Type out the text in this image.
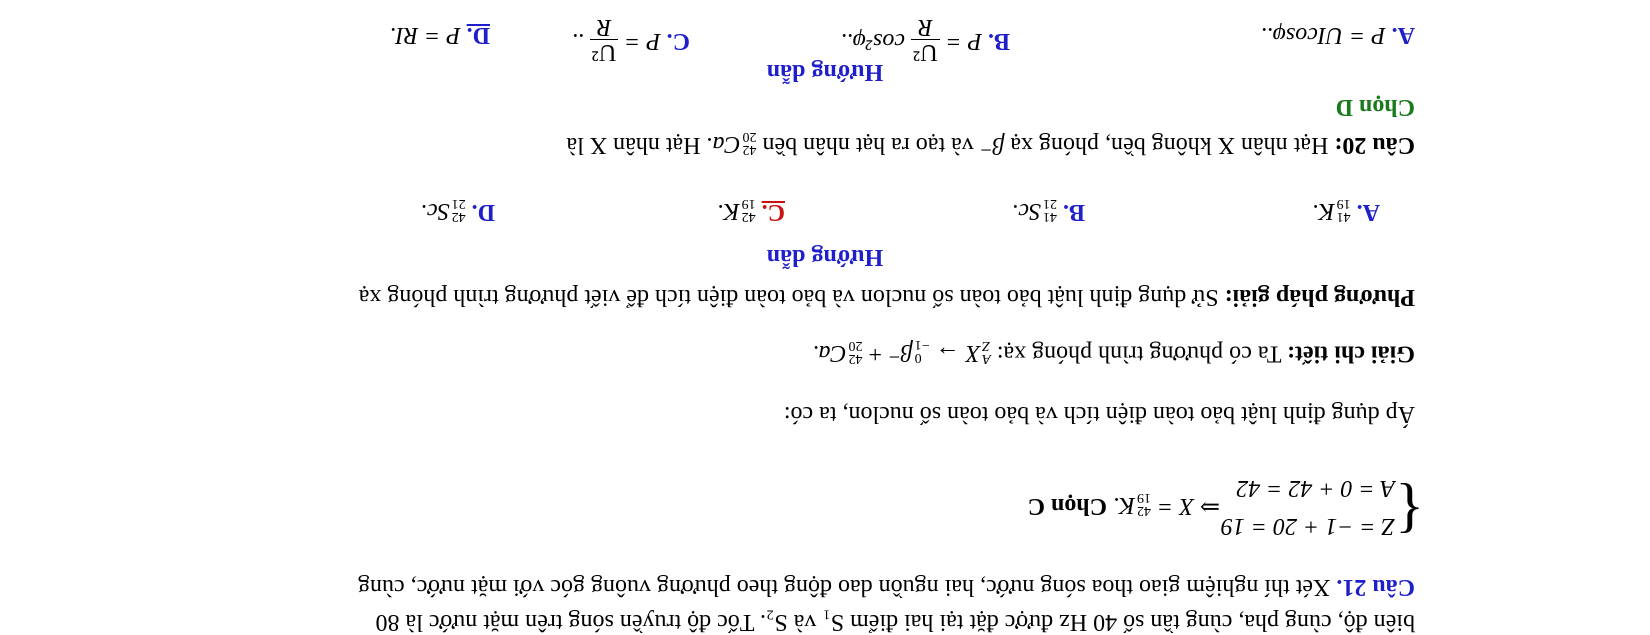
A. P = UIcosφ..
B. P =
U²
R
cos²φ..
C. P =
U²
R
..
D. P = RI.
Hướng dẫn
Chọn D
Câu 20: Hạt nhân X không bền, phóng xạ β⁻ và tạo ra hạt nhân bền
42
20
Ca. Hạt nhân X là
A.
41
19
K.
B.
41
21
Sc.
C.
42
19
K.
D.
42
21
Sc.
Hướng dẫn
Phương pháp giải: Sử dụng định luật bảo toàn số nuclon và bảo toàn điện tích để viết phương trình phóng xạ
Giải chi tiết: Ta có phương trình phóng xạ:
A
Z
X →
0
−1
β⁻ +
42
20
Ca.
Áp dụng định luật bảo toàn điện tích và bảo toàn số nuclon, ta có:
{
Z = −1 + 20 = 19
A = 0 + 42 = 42
⇒ X =
42
19
K. Chọn C
Câu 21. Xét thí nghiệm giao thoa sóng nước, hai nguồn dao động theo phương vuông góc với mặt nước, cùng
biên độ, cùng pha, cùng tần số 40 Hz được đặt tại hai điểm S₁ và S₂. Tốc độ truyền sóng trên mặt nước là 80
